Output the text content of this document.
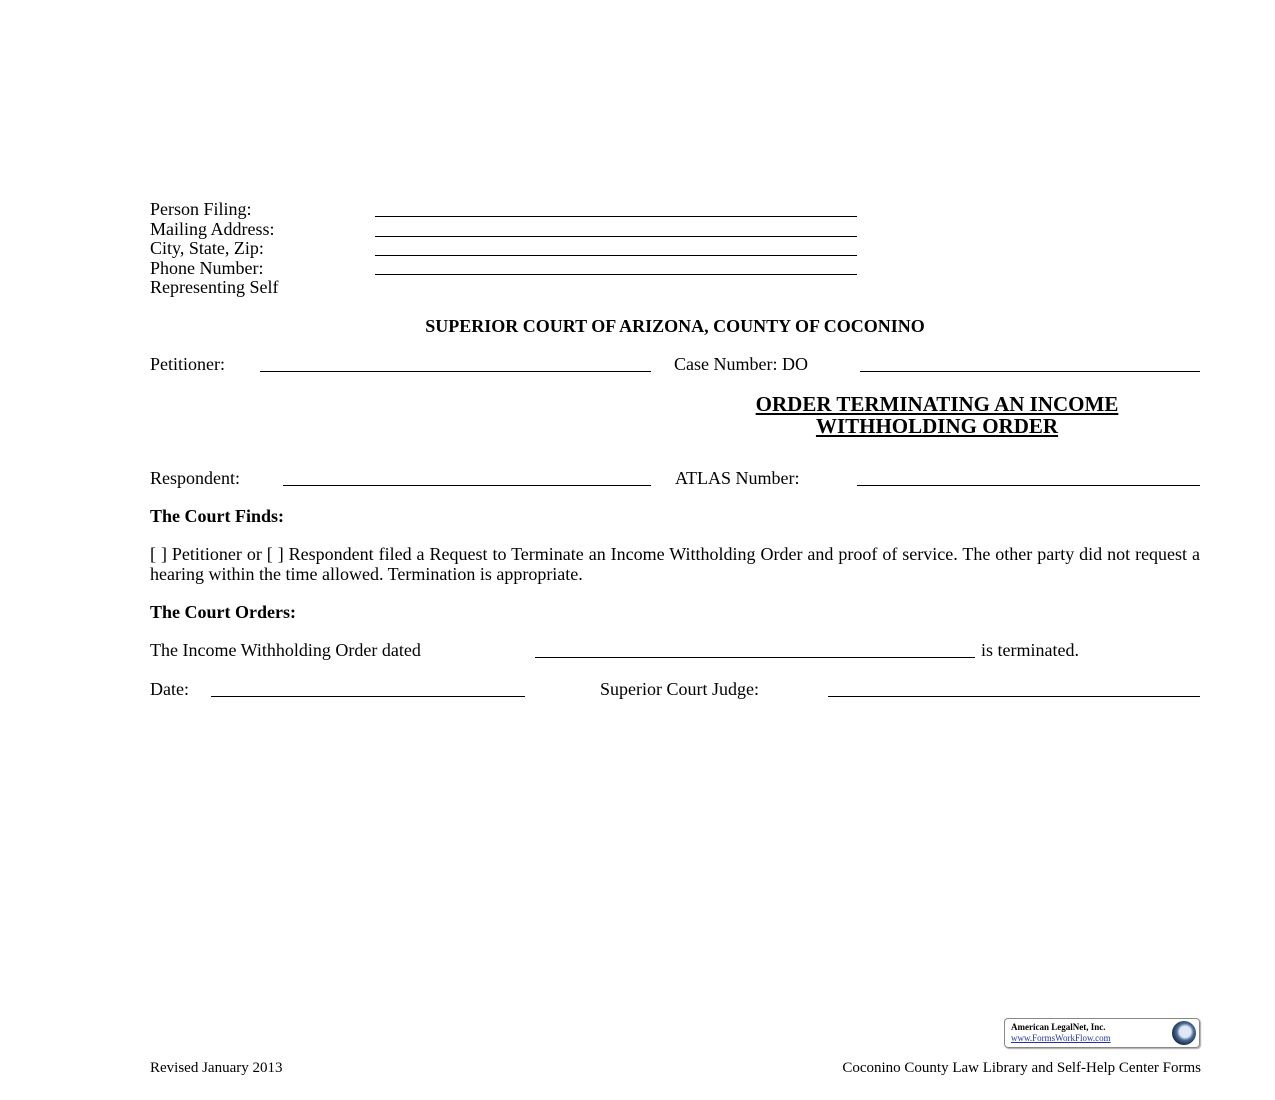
Person Filing:
Mailing Address:
City, State, Zip:
Phone Number:
Representing Self
SUPERIOR COURT OF ARIZONA, COUNTY OF COCONINO
Petitioner:	Case Number: DO
ORDER TERMINATING AN INCOME
WITHHOLDING ORDER
Respondent:	ATLAS Number:
The Court Finds:
[ ] Petitioner or [ ] Respondent filed a Request to Terminate an Income Wittholding Order and proof of service. The other party did not request a hearing within the time allowed. Termination is appropriate.
The Court Orders:
The Income Withholding Order dated	is terminated.
Date:	Superior Court Judge:
American LegalNet, Inc.
www.FormsWorkFlow.com
Revised January 2013	Coconino County Law Library and Self-Help Center Forms
